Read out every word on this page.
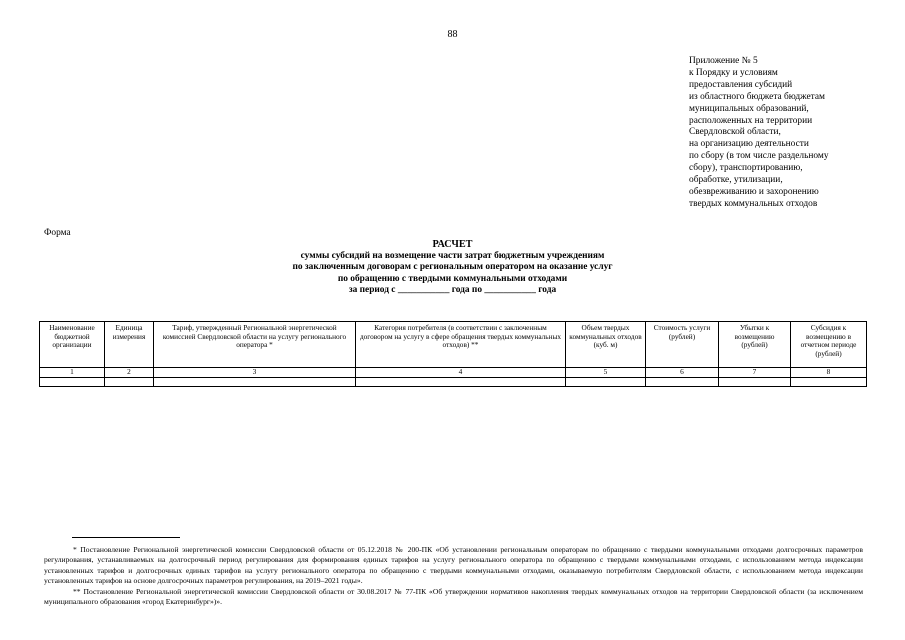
88
Приложение № 5
к Порядку и условиям
предоставления субсидий
из областного бюджета бюджетам
муниципальных образований,
расположенных на территории
Свердловской области,
на организацию деятельности
по сбору (в том числе раздельному
сбору), транспортированию,
обработке, утилизации,
обезвреживанию и захоронению
твердых коммунальных отходов
Форма
РАСЧЕТ
суммы субсидий на возмещение части затрат бюджетным учреждениям
по заключенным договорам с региональным оператором на оказание услуг
по обращению с твердыми коммунальными отходами
за период с ___________ года по ___________ года
Наименование бюджетной организации	Единица измерения	Тариф, утвержденный Региональной энергетической комиссией Свердловской области на услугу регионального оператора *	Категория потребителя (в соответствии с заключенным договором на услугу в сфере обращения твердых коммунальных отходов) **	Объем твердых коммунальных отходов (куб. м)	Стоимость услуги (рублей)	Убытки к возмещению (рублей)	Субсидия к возмещению в отчетном периоде (рублей)
1	2	3	4	5	6	7	8

* Постановление Региональной энергетической комиссии Свердловской области от 05.12.2018 № 200-ПК «Об установлении региональным операторам по обращению с твердыми коммунальными отходами долгосрочных параметров регулирования, устанавливаемых на долгосрочный период регулирования для формирования единых тарифов на услугу регионального оператора по обращению с твердыми коммунальными отходами, с использованием метода индексации установленных тарифов и долгосрочных единых тарифов на услугу регионального оператора по обращению с твердыми коммунальными отходами, оказываемую потребителям Свердловской области, с использованием метода индексации установленных тарифов на основе долгосрочных параметров регулирования, на 2019–2021 годы».

** Постановление Региональной энергетической комиссии Свердловской области от 30.08.2017 № 77-ПК «Об утверждении нормативов накопления твердых коммунальных отходов на территории Свердловской области (за исключением муниципального образования «город Екатеринбург»)».
